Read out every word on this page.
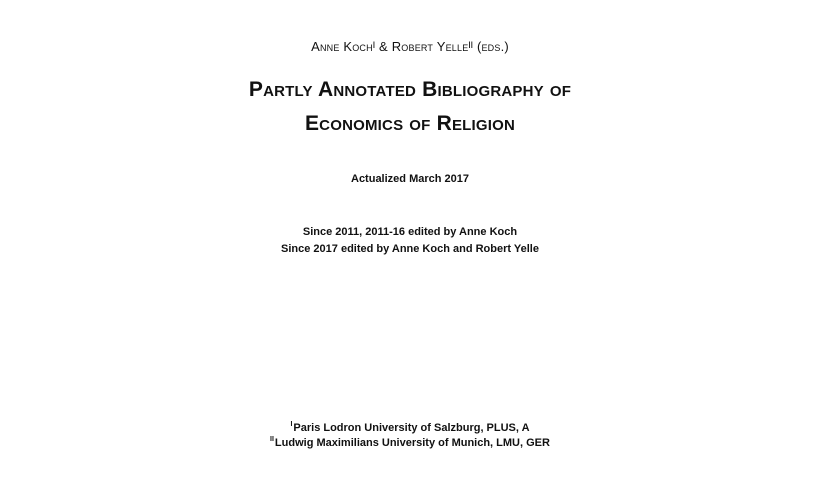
Anne Kochᴵ & Robert Yelleᴵᴵ (eds.)
Partly Annotated Bibliography of
Economics of Religion
Actualized March 2017
Since 2011, 2011-16 edited by Anne Koch
Since 2017 edited by Anne Koch and Robert Yelle
$^I$Paris Lodron University of Salzburg, PLUS, A
$^{II}$Ludwig Maximilians University of Munich, LMU, GER
